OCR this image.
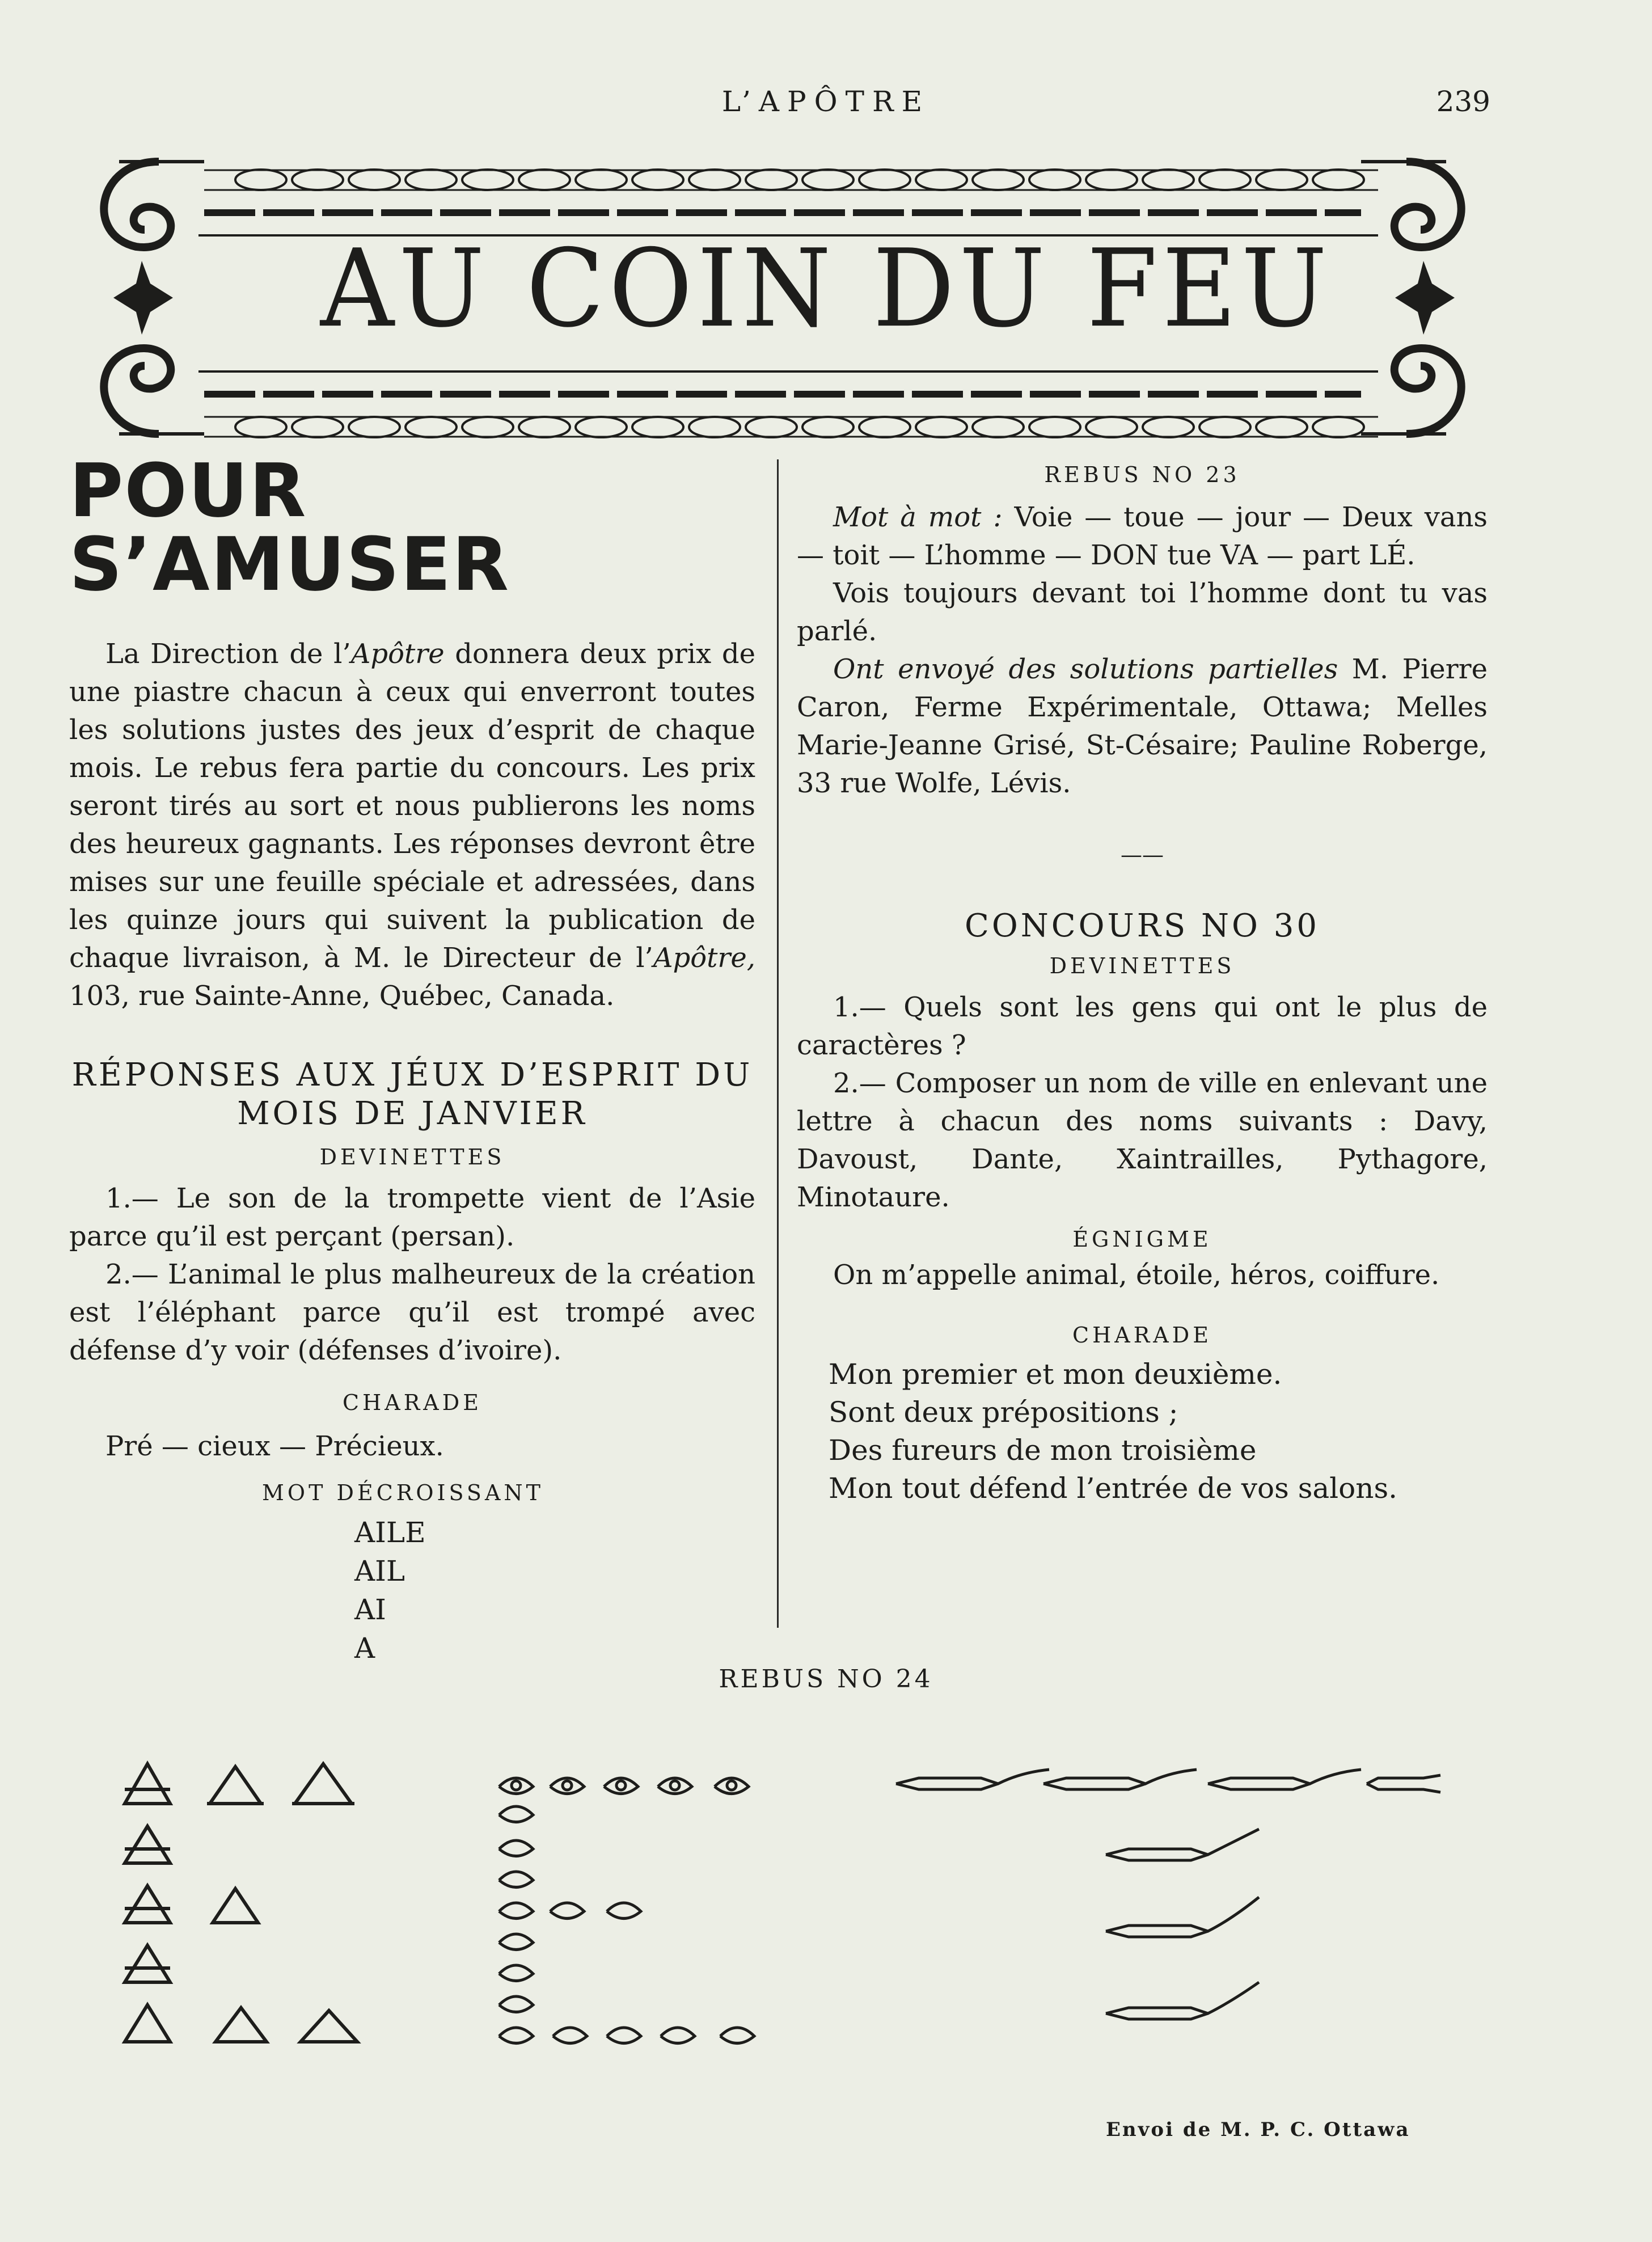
L’APÔTRE	239
AU COIN DU FEU
POUR S’AMUSER

La Direction de l’Apôtre donnera deux prix de une piastre chacun à ceux qui enverront toutes les solutions justes des jeux d’esprit de chaque mois. Le rebus fera partie du concours. Les prix seront tirés au sort et nous publierons les noms des heureux gagnants. Les réponses devront être mises sur une feuille spéciale et adressées, dans les quinze jours qui suivent la publication de chaque livraison, à M. le Directeur de l’Apôtre, 103, rue Sainte-Anne, Québec, Canada.

RÉPONSES AUX JÉUX D’ESPRIT DU MOIS DE JANVIER

DEVINETTES

1.— Le son de la trompette vient de l’Asie parce qu’il est perçant (persan).

2.— L’animal le plus malheureux de la création est l’éléphant parce qu’il est trompé avec défense d’y voir (défenses d’ivoire).

CHARADE

Pré — cieux — Précieux.

MOT DÉCROISSANT

AILE
AIL
AI
A

REBUS NO 23

Mot à mot : Voie — toue — jour — Deux vans — toit — L’homme — DON tue VA — part LÉ.

Vois toujours devant toi l’homme dont tu vas parlé.

Ont envoyé des solutions partielles M. Pierre Caron, Ferme Expérimentale, Ottawa; Melles Marie-Jeanne Grisé, St-Césaire; Pauline Roberge, 33 rue Wolfe, Lévis.

——

CONCOURS NO 30

DEVINETTES

1.— Quels sont les gens qui ont le plus de caractères ?

2.— Composer un nom de ville en enlevant une lettre à chacun des noms suivants : Davy, Davoust, Dante, Xaintrailles, Pythagore, Minotaure.

ÉGNIGME

On m’appelle animal, étoile, héros, coiffure.

CHARADE

Mon premier et mon deuxième.

Sont deux prépositions ;

Des fureurs de mon troisième

Mon tout défend l’entrée de vos salons.

REBUS NO 24
Envoi de M. P. C. Ottawa
